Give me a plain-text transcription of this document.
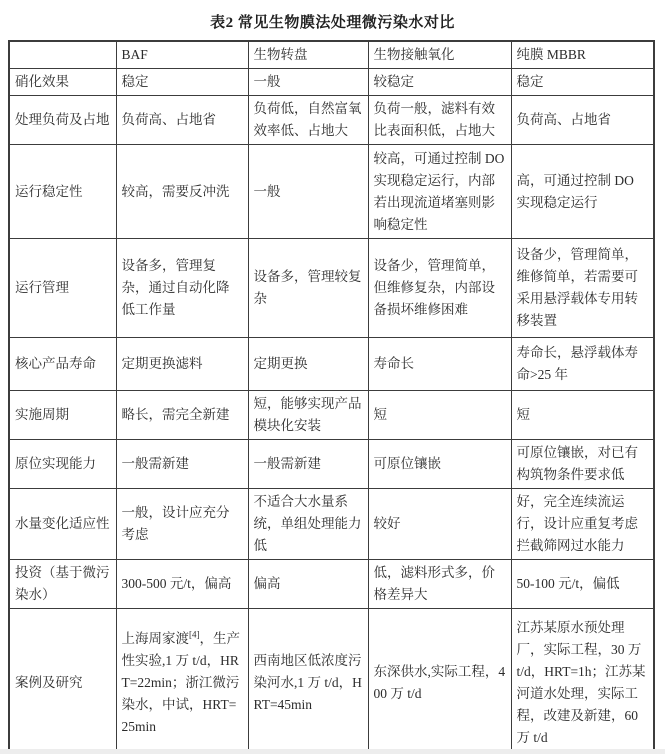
表2 常见生物膜法处理微污染水对比
	BAF	生物转盘	生物接触氧化	纯膜 MBBR
硝化效果	稳定	一般	较稳定	稳定
处理负荷及占地	负荷高、占地省	负荷低，自然富氧效率低、占地大	负荷一般，滤料有效比表面积低，占地大	负荷高、占地省
运行稳定性	较高，需要反冲洗	一般	较高，可通过控制 DO 实现稳定运行，内部若出现流道堵塞则影响稳定性	高，可通过控制 DO 实现稳定运行
运行管理	设备多，管理复杂，通过自动化降低工作量	设备多，管理较复杂	设备少，管理简单，但维修复杂，内部设备损坏维修困难	设备少，管理简单，维修简单，若需要可采用悬浮载体专用转移装置
核心产品寿命	定期更换滤料	定期更换	寿命长	寿命长，悬浮载体寿命>25 年
实施周期	略长，需完全新建	短，能够实现产品模块化安装	短	短
原位实现能力	一般需新建	一般需新建	可原位镶嵌	可原位镶嵌，对已有构筑物条件要求低
水量变化适应性	一般，设计应充分考虑	不适合大水量系统，单组处理能力低	较好	好，完全连续流运行，设计应重复考虑拦截筛网过水能力
投资（基于微污染水）	300-500 元/t，偏高	偏高	低，滤料形式多，价格差异大	50-100 元/t，偏低
案例及研究	上海周家渡[4]，生产性实验,1 万 t/d，HRT=22min；浙江微污染水，中试，HRT=25min	西南地区低浓度污染河水,1 万 t/d，HRT=45min	东深供水,实际工程，400 万 t/d	江苏某原水预处理厂，实际工程，30 万 t/d，HRT=1h；江苏某河道水处理，实际工程，改建及新建，60 万 t/d
